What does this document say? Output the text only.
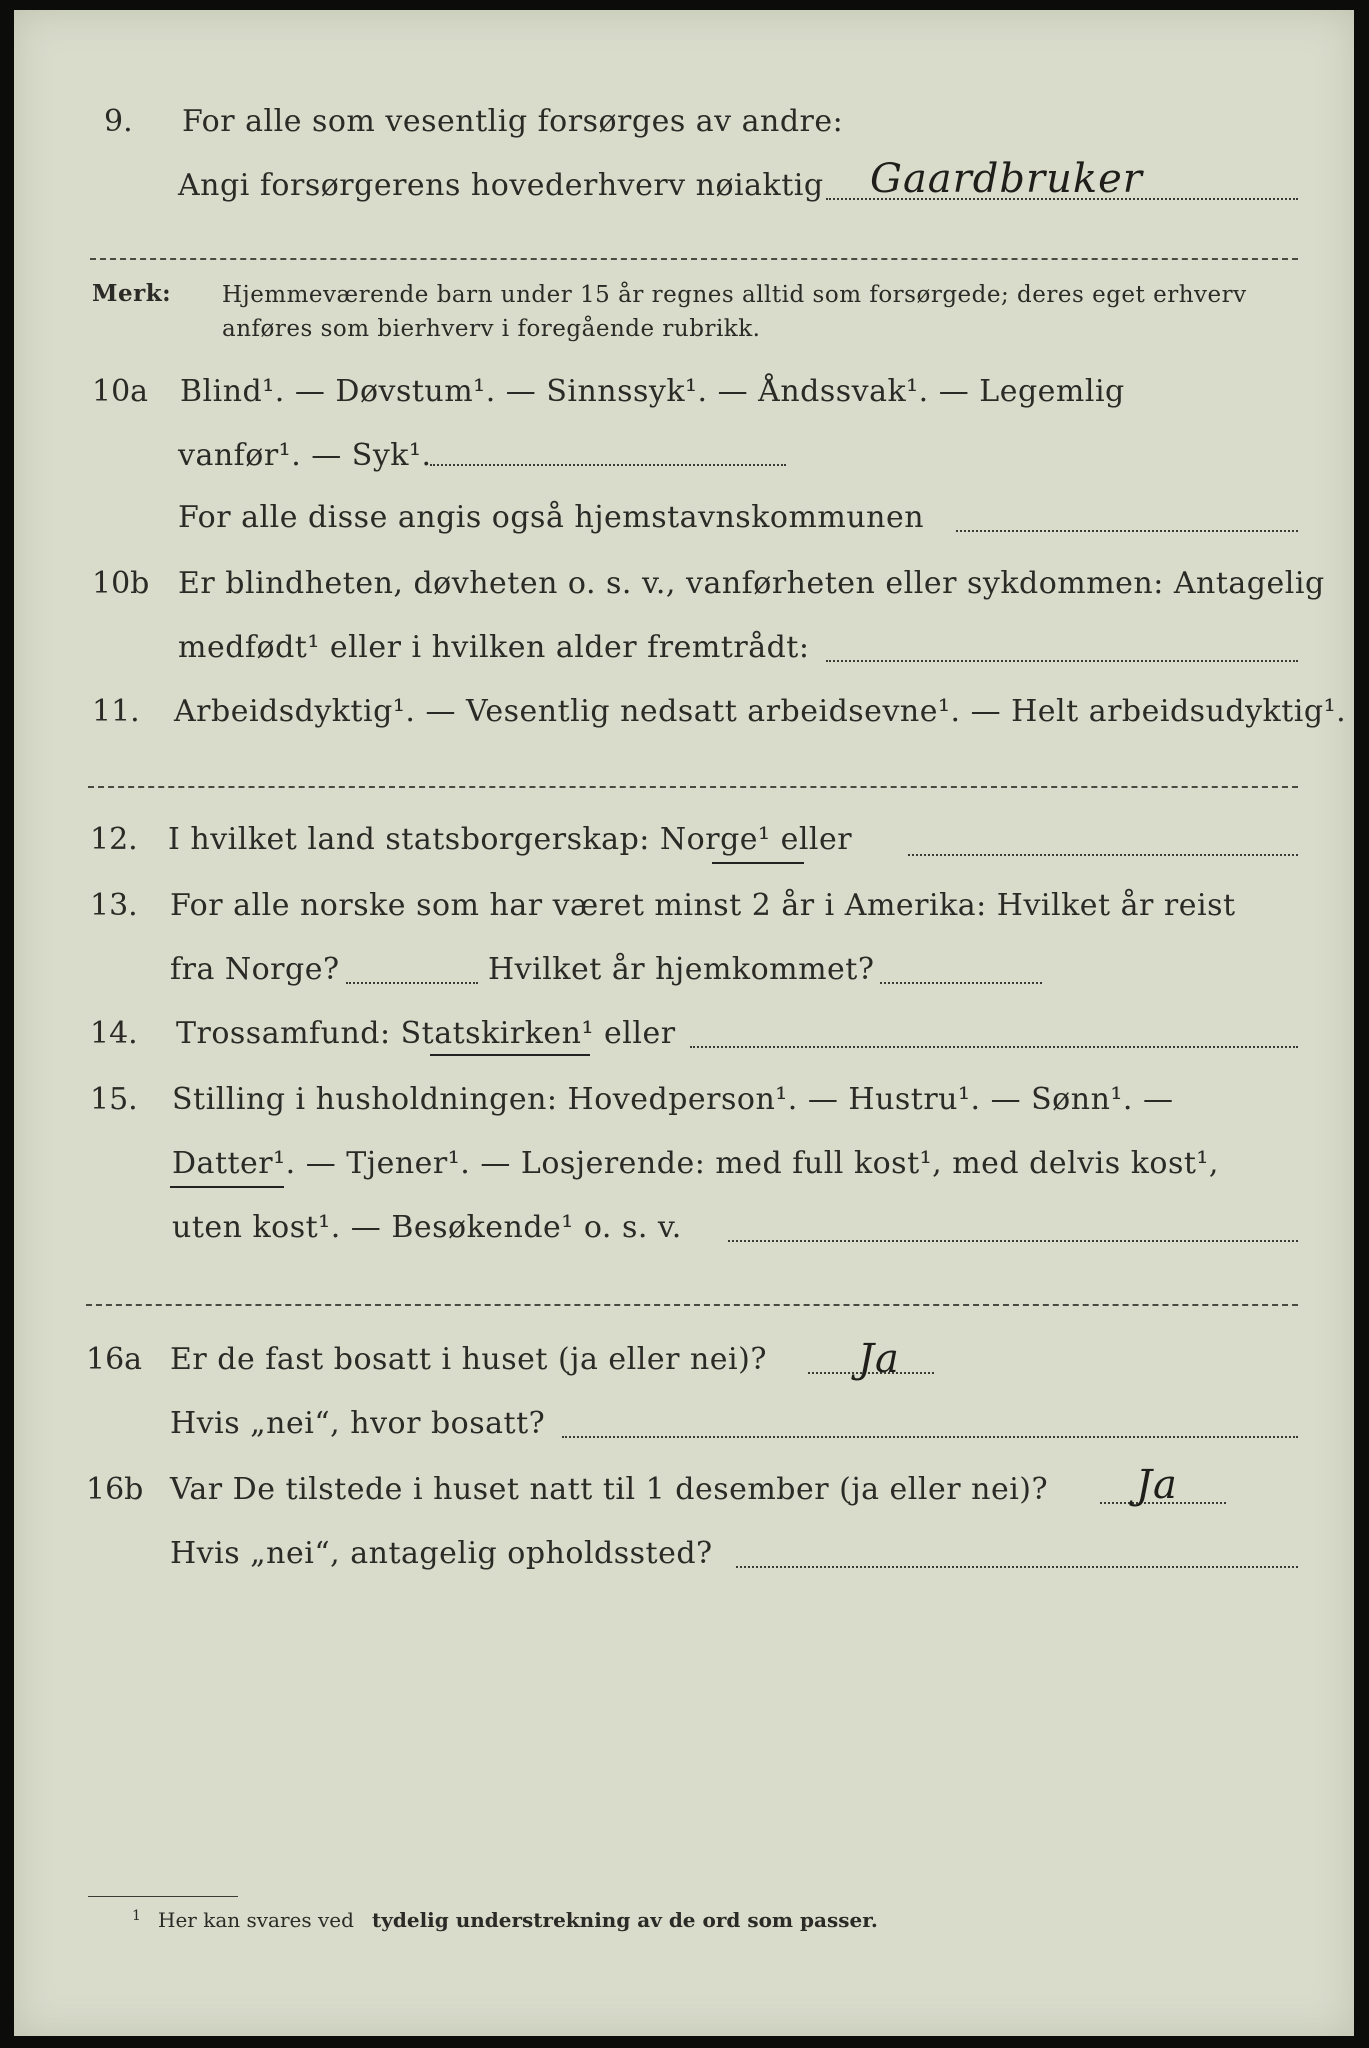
9. For alle som vesentlig forsørges av andre:
Angi forsørgerens hovederhverv nøiaktig Gaardbruker
Merk: Hjemmeværende barn under 15 år regnes alltid som forsørgede; deres eget erhverv
anføres som bierhverv i foregående rubrikk.
10a Blind¹. — Døvstum¹. — Sinnssyk¹. — Åndssvak¹. — Legemlig
vanfør¹. — Syk¹.
For alle disse angis også hjemstavnskommunen
10b Er blindheten, døvheten o. s. v., vanførheten eller sykdommen: Antagelig
medfødt¹ eller i hvilken alder fremtrådt:
11. Arbeidsdyktig¹. — Vesentlig nedsatt arbeidsevne¹. — Helt arbeidsudyktig¹.
12. I hvilket land statsborgerskap: Norge¹ eller
13. For alle norske som har været minst 2 år i Amerika: Hvilket år reist
fra Norge?	Hvilket år hjemkommet?
14. Trossamfund: Statskirken¹ eller
15. Stilling i husholdningen: Hovedperson¹. — Hustru¹. — Sønn¹. —
Datter¹. — Tjener¹. — Losjerende: med full kost¹, med delvis kost¹,
uten kost¹. — Besøkende¹ o. s. v.
16a Er de fast bosatt i huset (ja eller nei)? Ja
Hvis „nei“, hvor bosatt?
16b Var De tilstede i huset natt til 1 desember (ja eller nei)? Ja
Hvis „nei“, antagelig opholdssted?
1 Her kan svares ved tydelig understrekning av de ord som passer.
